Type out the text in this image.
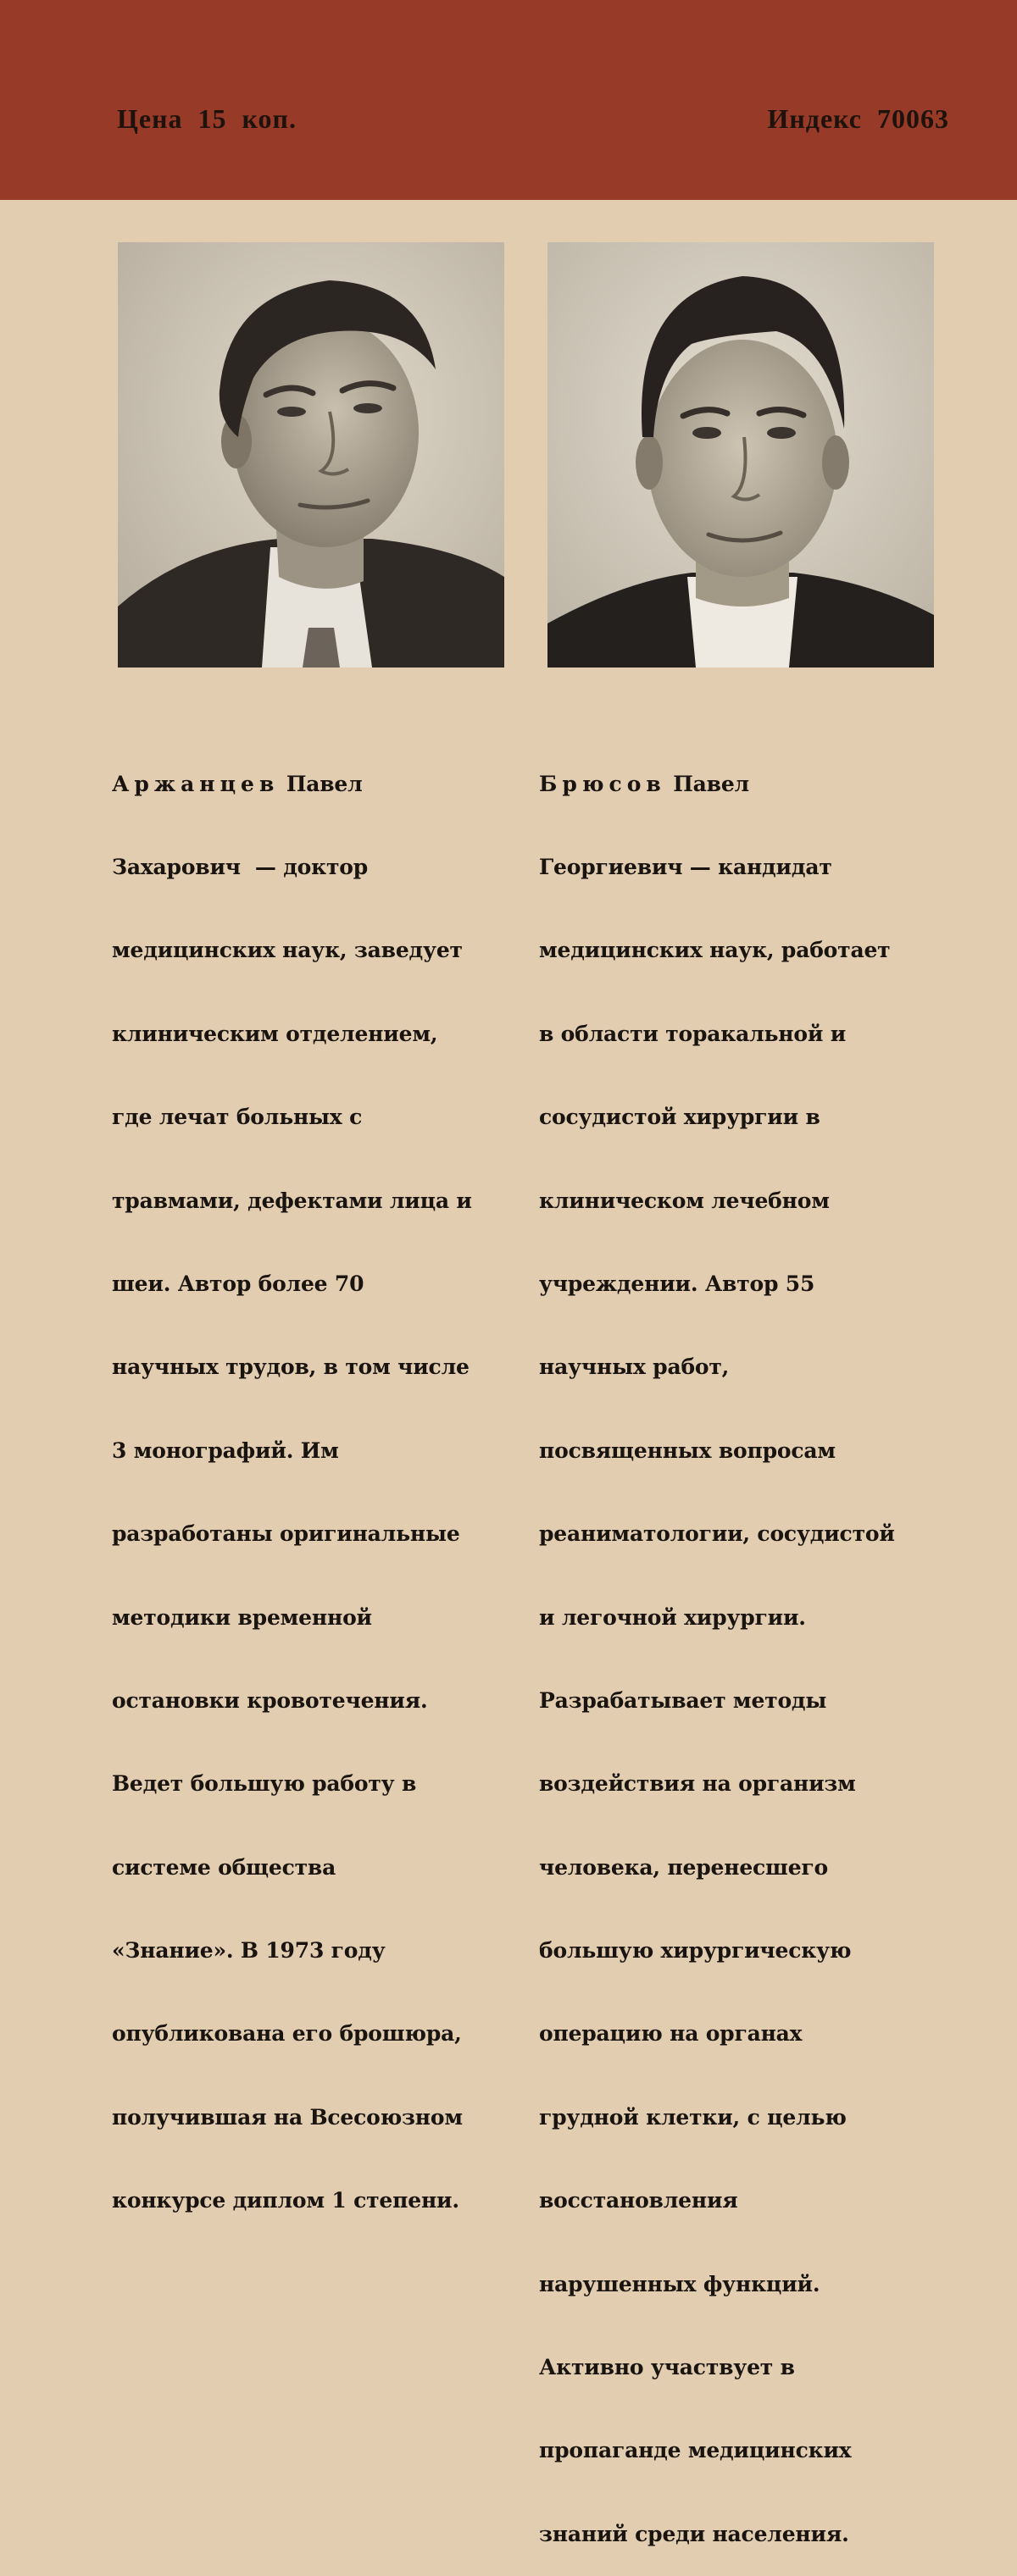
Цена  15  коп.	Индекс  70063

Аржанцев Павел

Захарович  — доктор

медицинских наук, заведует

клиническим отделением,

где лечат больных с

травмами, дефектами лица и

шеи. Автор более 70

научных трудов, в том числе

3 монографий. Им

разработаны оригинальные

методики временной

остановки кровотечения.

Ведет большую работу в

системе общества

«Знание». В 1973 году

опубликована его брошюра,

получившая на Всесоюзном

конкурсе диплом 1 степени.

Брюсов Павел

Георгиевич — кандидат

медицинских наук, работает

в области торакальной и

сосудистой хирургии в

клиническом лечебном

учреждении. Автор 55

научных работ,

посвященных вопросам

реаниматологии, сосудистой

и легочной хирургии.

Разрабатывает методы

воздействия на организм

человека, перенесшего

большую хирургическую

операцию на органах

грудной клетки, с целью

восстановления

нарушенных функций.

Активно участвует в

пропаганде медицинских

знаний среди населения.
